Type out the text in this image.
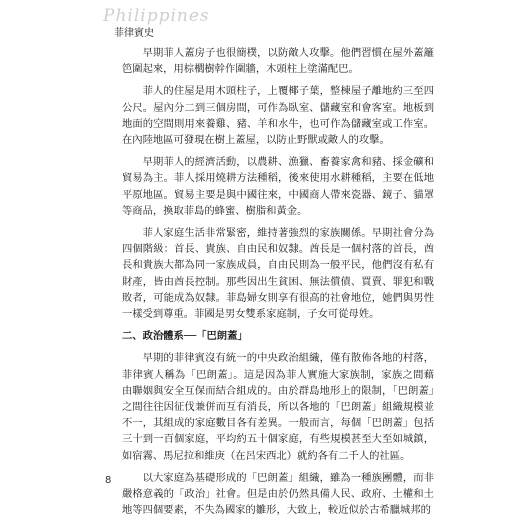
Philippines
菲律賓史

早期菲人蓋房子也很簡樸，以防敵人攻擊。他們習慣在屋外蓋籬笆圍起來，用棕櫚樹幹作圍牆，木頭柱上塗滿配巴。

菲人的住屋是用木頭柱子，上覆椰子葉，整棟屋子離地約三至四公尺。屋內分二到三個房間，可作為臥室、儲藏室和會客室。地板到地面的空間則用來養雞、豬、羊和水牛，也可作為儲藏室或工作室。在內陸地區可發現在樹上蓋屋，以防止野獸或敵人的攻擊。

早期菲人的經濟活動，以農耕、漁獵、畜養家禽和豬、採金礦和貿易為主。菲人採用燒耕方法種稻，後來使用水耕種稻，主要在低地平原地區。貿易主要是與中國往來，中國商人帶來瓷器、鏡子、貓罩等商品，換取菲島的蜂蜜、樹脂和黃金。

菲人家庭生活非常緊密，維持著強烈的家族關係。早期社會分為四個階級：首長、貴族、自由民和奴隸。酋長是一個村落的首長，酋長和貴族大都為同一家族成員，自由民則為一般平民，他們沒有私有財產，皆由酋長控制。那些因出生貧困、無法償債、買賣、罪犯和戰敗者，可能成為奴隸。菲島婦女則享有很高的社會地位，她們與男性一樣受到尊重。菲國是男女雙系家庭制，子女可從母姓。

二、政治體系──「巴朗蓋」

早期的菲律賓沒有統一的中央政治組織，僅有散佈各地的村落，菲律賓人稱為「巴朗蓋」。這是因為菲人實施大家族制，家族之間藉由聯姻與安全互保而結合組成的。由於群島地形上的限制，「巴朗蓋」之間往往因征伐兼併而互有消長，所以各地的「巴朗蓋」組織規模並不一，其組成的家庭數目各有差異。一般而言，每個「巴朗蓋」包括三十到一百個家庭，平均約五十個家庭，有些規模甚至大至如城鎮，如宿霧、馬尼拉和維庚（在呂宋西北）就約各有二千人的社區。

以大家庭為基礎形成的「巴朗蓋」組織，雖為一種族團體，而非嚴格意義的「政治」社會。但是由於仍然具備人民、政府、土權和土地等四個要素，不失為國家的雛形，大致上，較近似於古希臘城邦的

8
